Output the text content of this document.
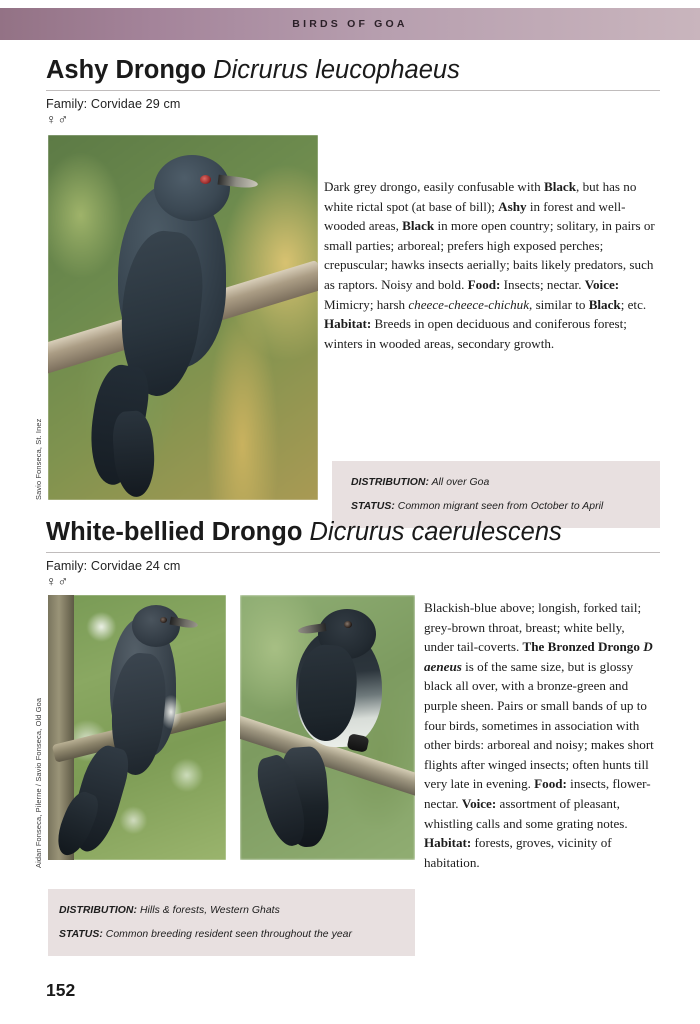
BIRDS OF GOA
Ashy Drongo Dicrurus leucophaeus
Family: Corvidae 29 cm
♀♂
Savio Fonseca, St. Inez
Dark grey drongo, easily confusable with Black, but has no white rictal spot (at base of bill); Ashy in forest and well-wooded areas, Black in more open country; solitary, in pairs or small parties; arboreal; prefers high exposed perches; crepuscular; hawks insects aerially; baits likely predators, such as raptors. Noisy and bold. Food: Insects; nectar. Voice: Mimicry; harsh cheece-cheece-chichuk, similar to Black; etc. Habitat: Breeds in open deciduous and coniferous forest; winters in wooded areas, secondary growth.
DISTRIBUTION: All over Goa
STATUS: Common migrant seen from October to April
White-bellied Drongo Dicrurus caerulescens
Family: Corvidae 24 cm
♀♂
Aidan Fonseca, Pilerne / Savio Fonseca, Old Goa
Blackish-blue above; longish, forked tail; grey-brown throat, breast; white belly, under tail-coverts. The Bronzed Drongo D aeneus is of the same size, but is glossy black all over, with a bronze-green and purple sheen. Pairs or small bands of up to four birds, sometimes in association with other birds: arboreal and noisy; makes short flights after winged insects; often hunts till very late in evening. Food: insects, flower-nectar. Voice: assortment of pleasant, whistling calls and some grating notes. Habitat: forests, groves, vicinity of habitation.
DISTRIBUTION: Hills & forests, Western Ghats
STATUS: Common breeding resident seen throughout the year
152
